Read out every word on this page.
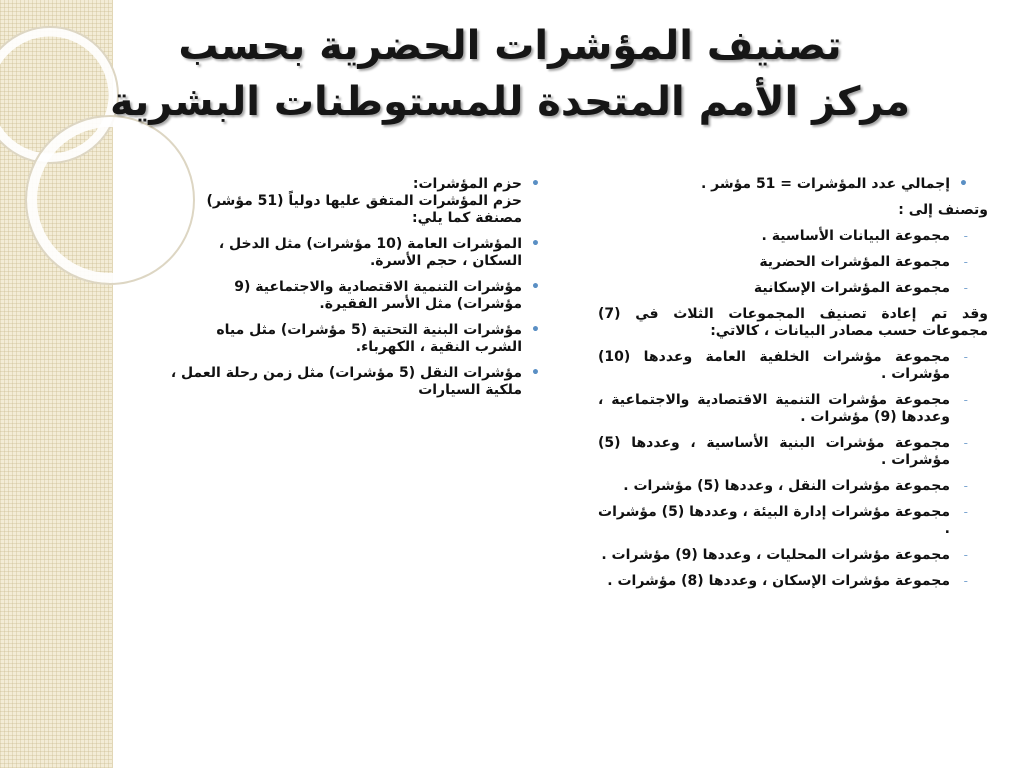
تصنيف المؤشرات الحضرية بحسب
مركز الأمم المتحدة للمستوطنات البشرية
•
إجمالي عدد المؤشرات = 51 مؤشر .

وتصنف إلى :

-
مجموعة البيانات الأساسية .
-
مجموعة المؤشرات الحضرية
-
مجموعة المؤشرات الإسكانية

وقد تم إعادة تصنيف المجموعات الثلاث في (7) مجموعات حسب مصادر البيانات ، كالاتي:

-
مجموعة مؤشرات الخلفية العامة وعددها (10) مؤشرات .
-
مجموعة مؤشرات التنمية الاقتصادية والاجتماعية ، وعددها (9) مؤشرات .
-
مجموعة مؤشرات البنية الأساسية ، وعددها (5) مؤشرات .
-
مجموعة مؤشرات النقل ، وعددها (5) مؤشرات .
-
مجموعة مؤشرات إدارة البيئة ، وعددها (5) مؤشرات .
-
مجموعة مؤشرات المحليات ، وعددها (9) مؤشرات .
-
مجموعة مؤشرات الإسكان ، وعددها (8) مؤشرات .
•
حزم المؤشرات:
حزم المؤشرات المتفق عليها دولياً (51 مؤشر)
مصنفة كما يلي:
•
المؤشرات العامة (10 مؤشرات) مثل الدخل ، السكان ، حجم الأسرة.
•
مؤشرات التنمية الاقتصادية والاجتماعية (9 مؤشرات) مثل الأسر الفقيرة.
•
مؤشرات البنية التحتية (5 مؤشرات) مثل مياه الشرب النقية ، الكهرباء.
•
مؤشرات النقل (5 مؤشرات) مثل زمن رحلة العمل ، ملكية السيارات
